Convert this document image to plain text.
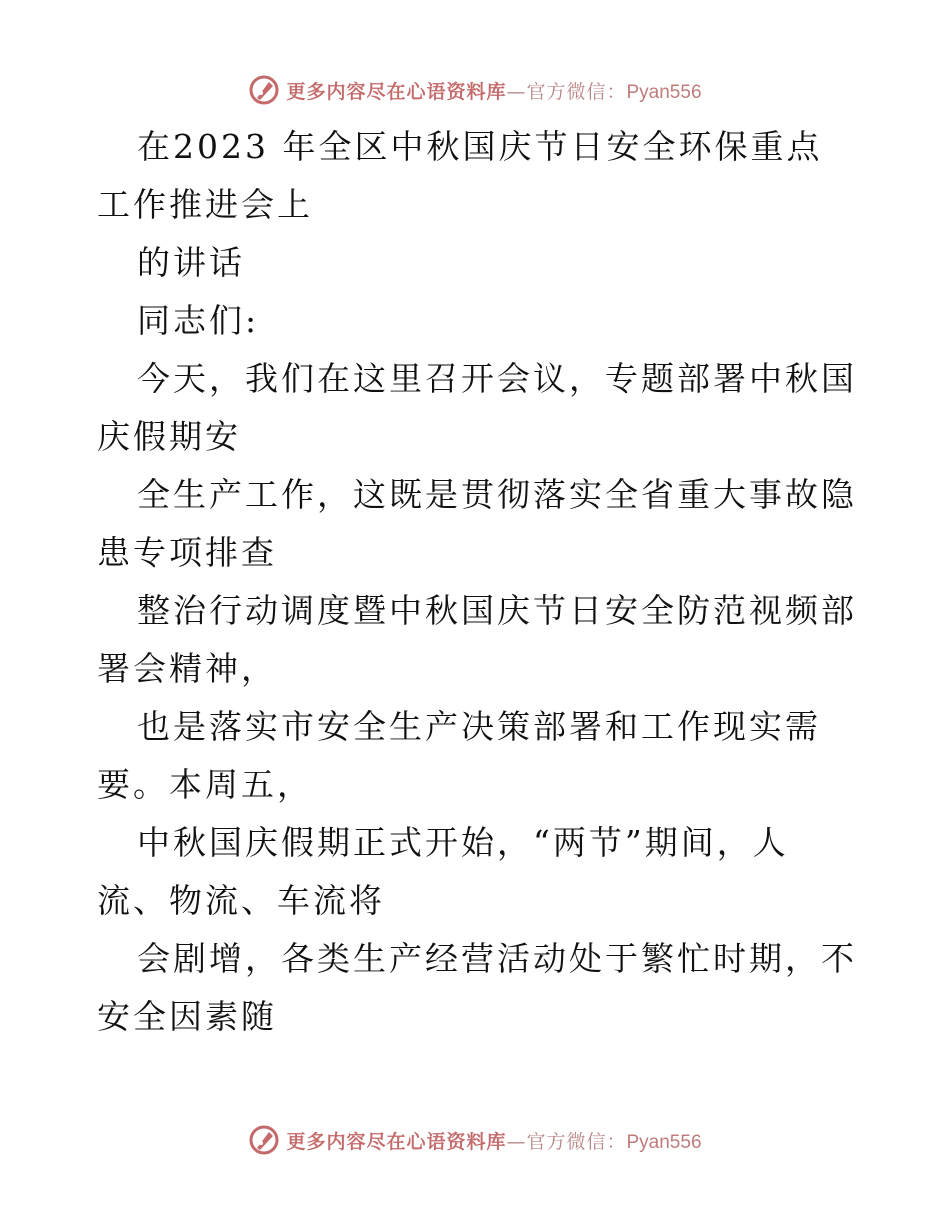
更多内容尽在心语资料库—官方微信：Pyan556

在2023 年全区中秋国庆节日安全环保重点工作推进会上

的讲话

同志们:

今天，我们在这里召开会议，专题部署中秋国庆假期安

全生产工作，这既是贯彻落实全省重大事故隐患专项排查

整治行动调度暨中秋国庆节日安全防范视频部署会精神，

也是落实市安全生产决策部署和工作现实需要。本周五，

中秋国庆假期正式开始，“两节”期间，人流、物流、车流将

会剧增，各类生产经营活动处于繁忙时期，不安全因素随

更多内容尽在心语资料库—官方微信：Pyan556
